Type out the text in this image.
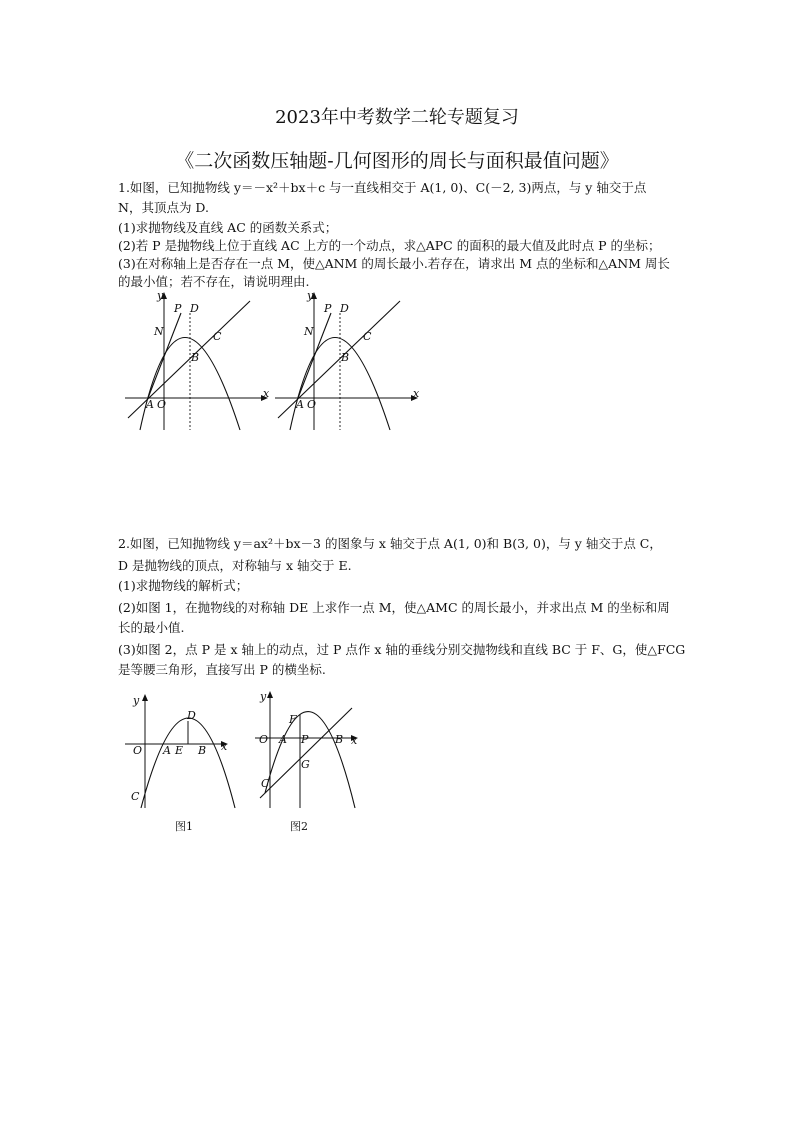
2023年中考数学二轮专题复习
《二次函数压轴题-几何图形的周长与面积最值问题》
1.如图，已知抛物线 y＝－x²＋bx＋c 与一直线相交于 A(1, 0)、C(－2, 3)两点，与 y 轴交于点
N，其顶点为 D.
(1)求抛物线及直线 AC 的函数关系式；
(2)若 P 是抛物线上位于直线 AC 上方的一个动点，求△APC 的面积的最大值及此时点 P 的坐标；
(3)在对称轴上是否存在一点 M，使△ANM 的周长最小.若存在，请求出 M 点的坐标和△ANM 周长
的最小值；若不存在，请说明理由.
y
x
P D
N	C
B
A O
y
x
P D
N	C
B
A O
2.如图，已知抛物线 y＝ax²＋bx－3 的图象与 x 轴交于点 A(1, 0)和 B(3, 0)，与 y 轴交于点 C，
D 是抛物线的顶点，对称轴与 x 轴交于 E.
(1)求抛物线的解析式；
(2)如图 1，在抛物线的对称轴 DE 上求作一点 M，使△AMC 的周长最小，并求出点 M 的坐标和周
长的最小值.
(3)如图 2，点 P 是 x 轴上的动点，过 P 点作 x 轴的垂线分别交抛物线和直线 BC 于 F、G，使△FCG
是等腰三角形，直接写出 P 的横坐标.
y
x
D
O A E B
C
图1
y
x
F
O A P B
G
C
图2
